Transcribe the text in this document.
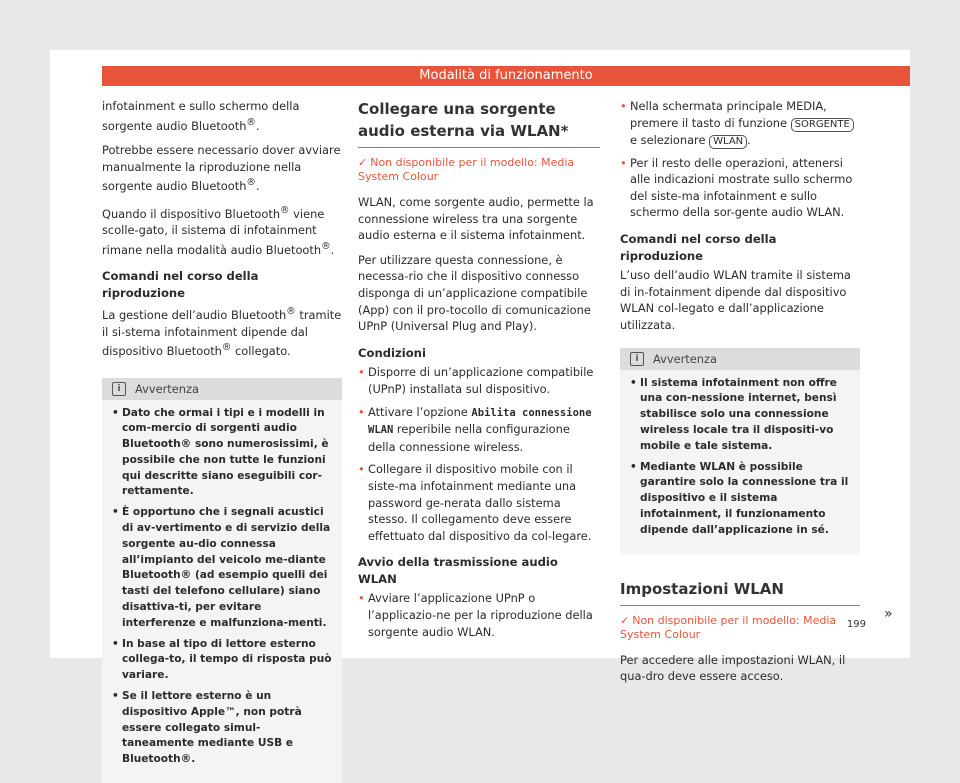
Modalità di funzionamento

infotainment e sullo schermo della sorgente audio Bluetooth®.

Potrebbe essere necessario dover avviare manualmente la riproduzione nella sorgente audio Bluetooth®.

Quando il dispositivo Bluetooth® viene scolle-gato, il sistema di infotainment rimane nella modalità audio Bluetooth®.

Comandi nel corso della riproduzione

La gestione dell’audio Bluetooth® tramite il si-stema infotainment dipende dal dispositivo Bluetooth® collegato.

i	Avvertenza
• Dato che ormai i tipi e i modelli in com-mercio di sorgenti audio Bluetooth® sono numerosissimi, è possibile che non tutte le funzioni qui descritte siano eseguibili cor-rettamente.
• È opportuno che i segnali acustici di av-vertimento e di servizio della sorgente au-dio connessa all’impianto del veicolo me-diante Bluetooth® (ad esempio quelli dei tasti del telefono cellulare) siano disattiva-ti, per evitare interferenze e malfunziona-menti.
• In base al tipo di lettore esterno collega-to, il tempo di risposta può variare.
• Se il lettore esterno è un dispositivo Apple™, non potrà essere collegato simul-taneamente mediante USB e Bluetooth®.
Collegare una sorgente audio esterna via WLAN*
✓ Non disponibile per il modello: Media System Colour

WLAN, come sorgente audio, permette la connessione wireless tra una sorgente audio esterna e il sistema infotainment.

Per utilizzare questa connessione, è necessa-rio che il dispositivo connesso disponga di un’applicazione compatibile (App) con il pro-tocollo di comunicazione UPnP (Universal Plug and Play).

Condizioni
• Disporre di un’applicazione compatibile (UPnP) installata sul dispositivo.
• Attivare l’opzione Abilita connessione WLAN reperibile nella configurazione della connessione wireless.
• Collegare il dispositivo mobile con il siste-ma infotainment mediante una password ge-nerata dallo sistema stesso. Il collegamento deve essere effettuato dal dispositivo da col-legare.
Avvio della trasmissione audio WLAN
• Avviare l’applicazione UPnP o l’applicazio-ne per la riproduzione della sorgente audio WLAN.
• Nella schermata principale MEDIA, premere il tasto di funzione SORGENTE e selezionare WLAN .
• Per il resto delle operazioni, attenersi alle indicazioni mostrate sullo schermo del siste-ma infotainment e sullo schermo della sor-gente audio WLAN.
Comandi nel corso della riproduzione

L’uso dell’audio WLAN tramite il sistema di in-fotainment dipende dal dispositivo WLAN col-legato e dall’applicazione utilizzata.

i	Avvertenza
• Il sistema infotainment non offre una con-nessione internet, bensì stabilisce solo una connessione wireless locale tra il dispositi-vo mobile e tale sistema.
• Mediante WLAN è possibile garantire solo la connessione tra il dispositivo e il sistema infotainment, il funzionamento dipende dall’applicazione in sé.
Impostazioni WLAN
✓ Non disponibile per il modello: Media System Colour

Per accedere alle impostazioni WLAN, il qua-dro deve essere acceso.

»
199
